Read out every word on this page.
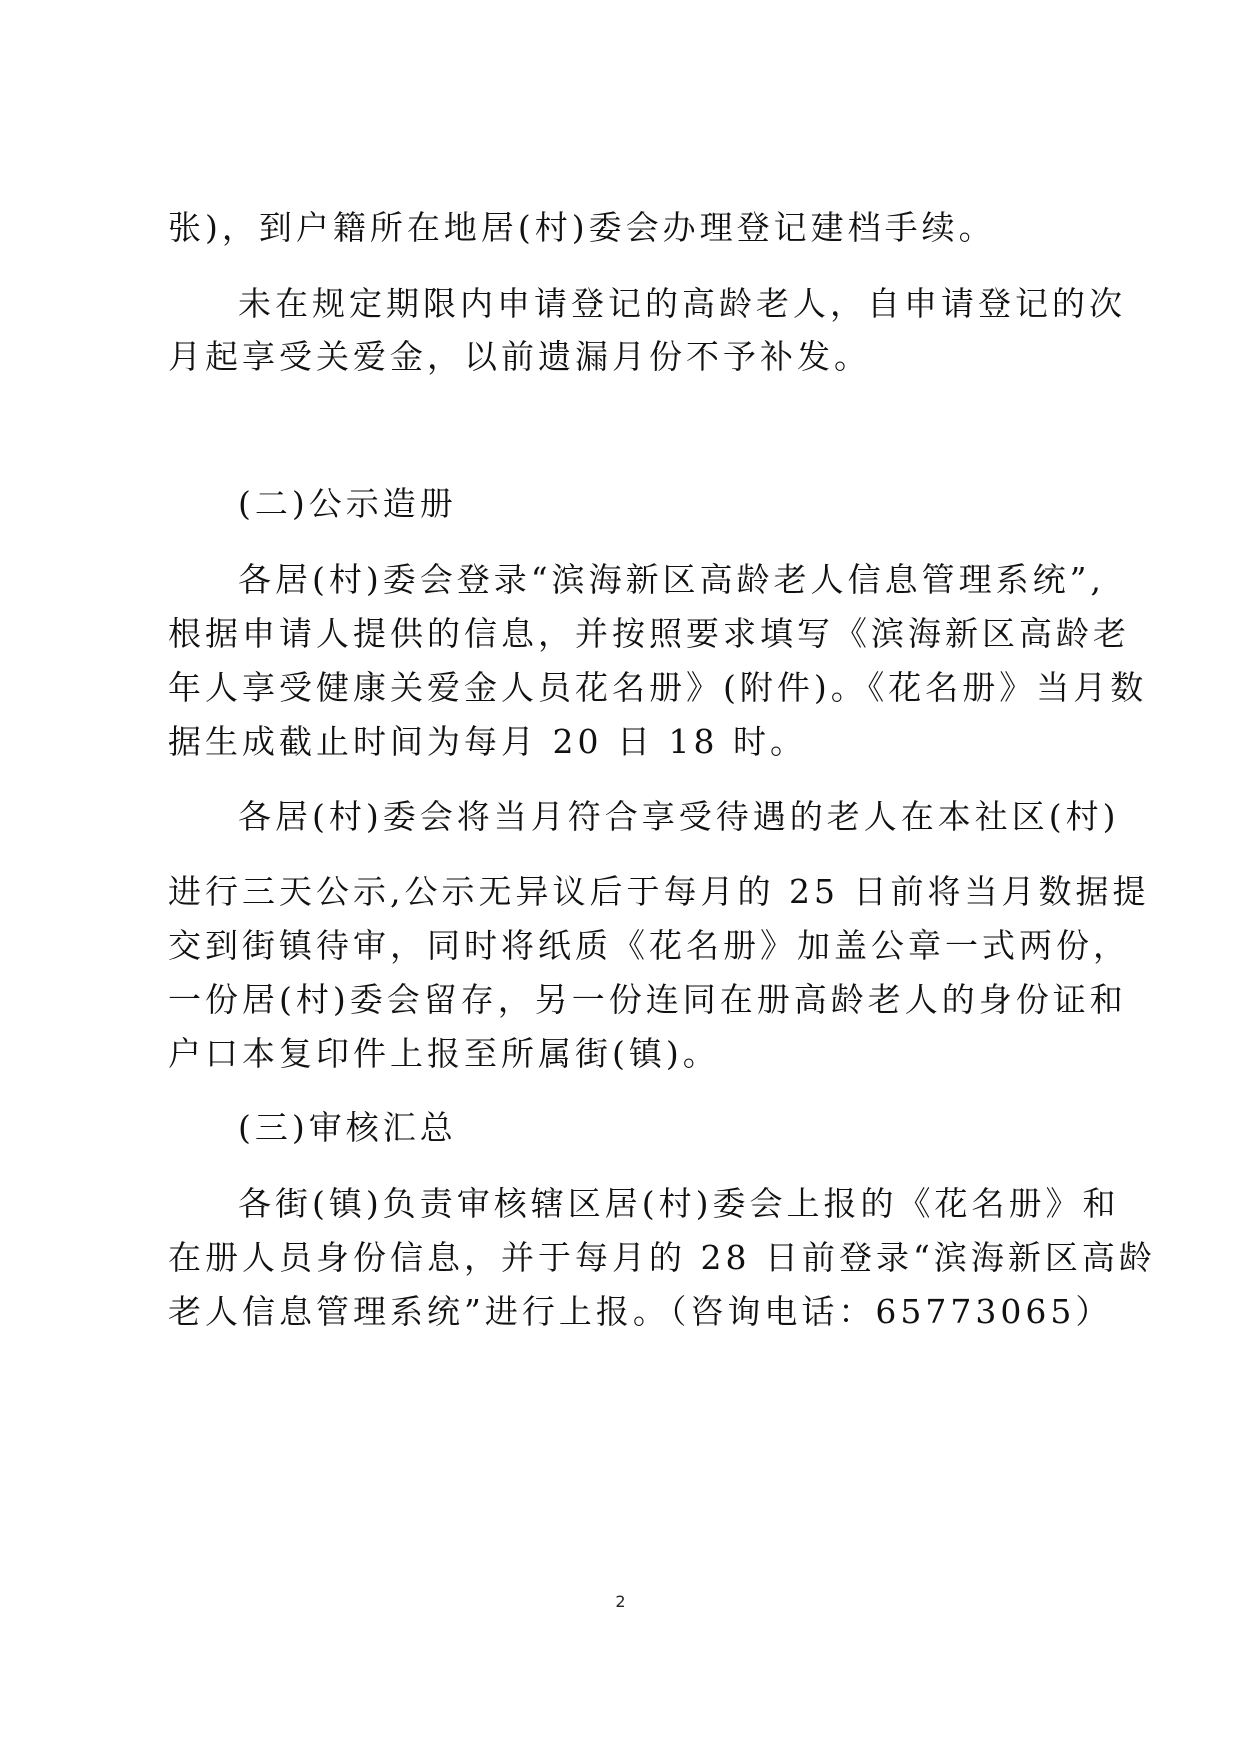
张)，到户籍所在地居(村)委会办理登记建档手续。
未在规定期限内申请登记的高龄老人，自申请登记的次
月起享受关爱金，以前遗漏月份不予补发。
(二)公示造册
各居(村)委会登录“滨海新区高龄老人信息管理系统”,
根据申请人提供的信息，并按照要求填写《滨海新区高龄老
年人享受健康关爱金人员花名册》(附件)。《花名册》当月数
据生成截止时间为每月 20 日 18 时。
各居(村)委会将当月符合享受待遇的老人在本社区(村)
进行三天公示,公示无异议后于每月的 25 日前将当月数据提
交到街镇待审，同时将纸质《花名册》加盖公章一式两份，
一份居(村)委会留存，另一份连同在册高龄老人的身份证和
户口本复印件上报至所属街(镇)。
(三)审核汇总
各街(镇)负责审核辖区居(村)委会上报的《花名册》和
在册人员身份信息，并于每月的 28 日前登录“滨海新区高龄
老人信息管理系统”进行上报。（咨询电话：65773065）
2
